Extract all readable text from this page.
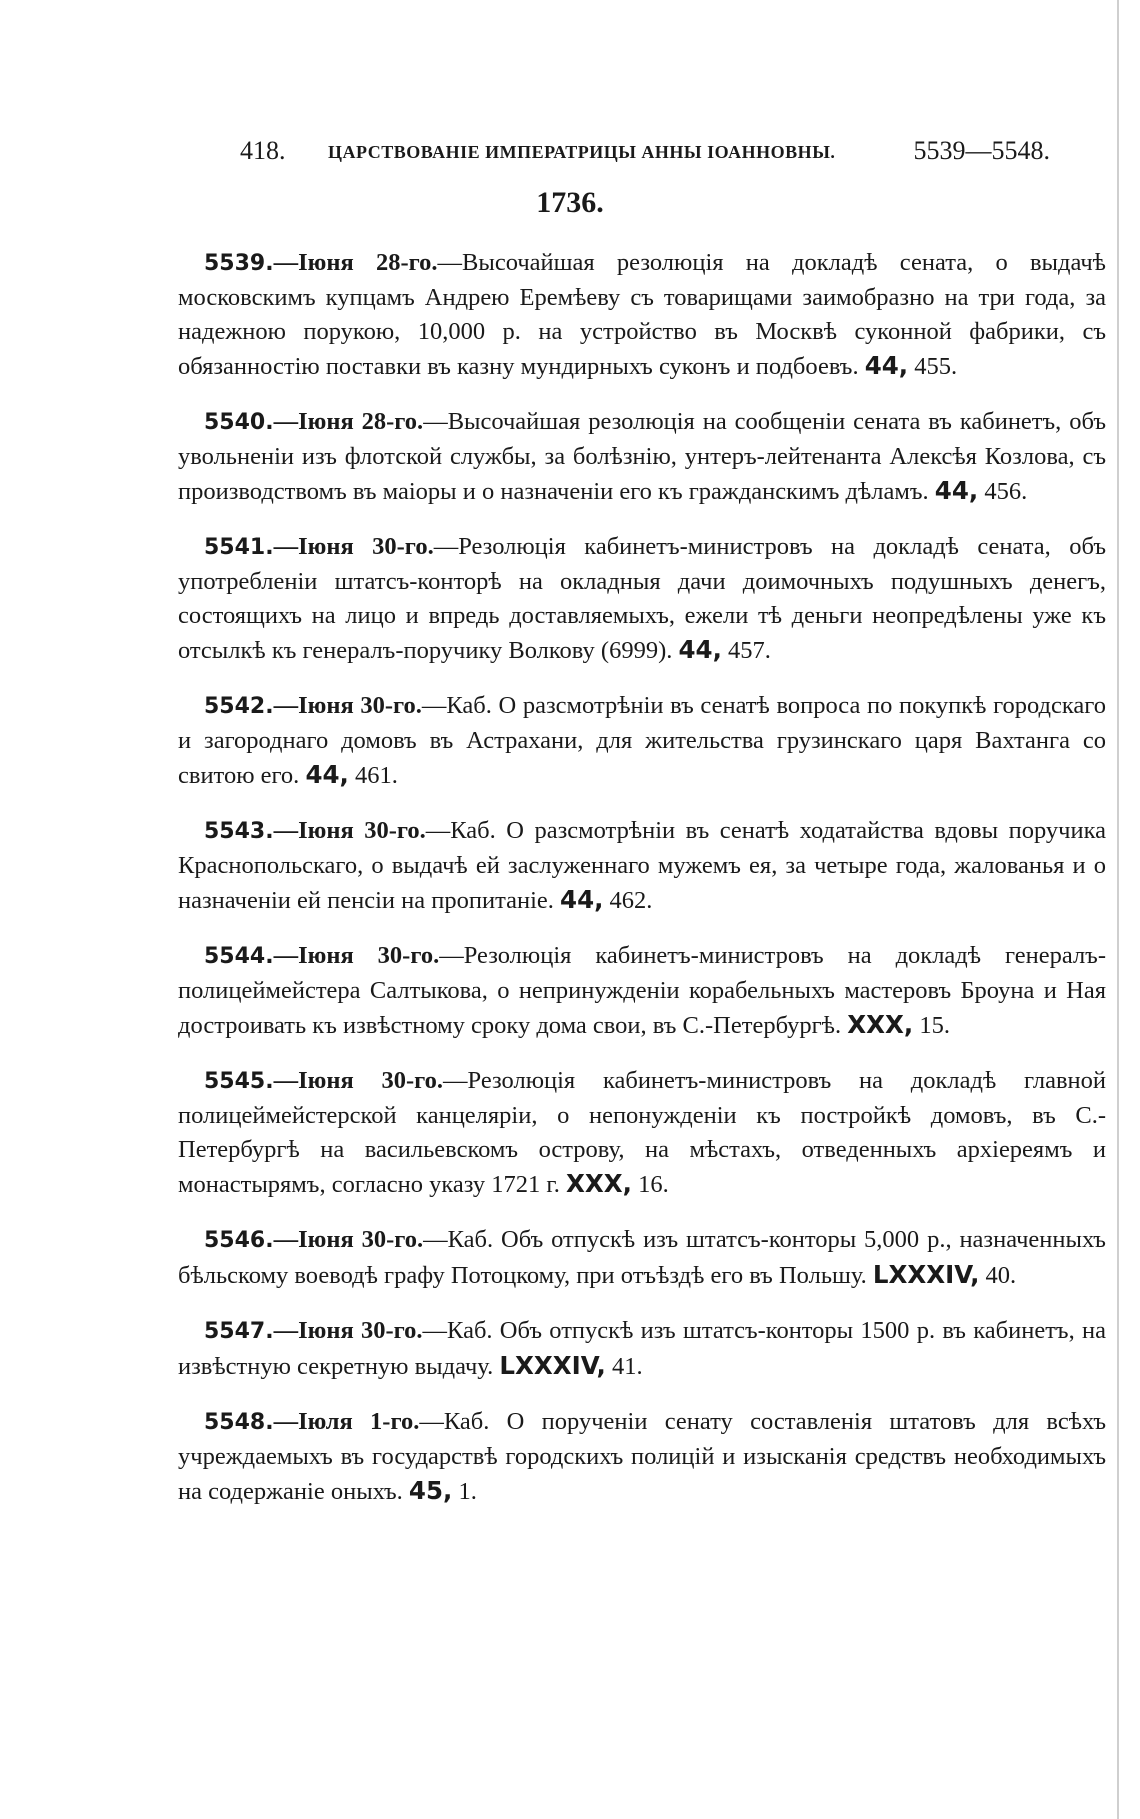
418. ЦАРСТВОВАНІЕ ИМПЕРАТРИЦЫ АННЫ ІОАННОВНЫ.	5539—5548.
1736.

5539.—Іюня 28-го.—Высочайшая резолюція на докладѣ сената, о выдачѣ московскимъ купцамъ Андрею Еремѣеву съ товарищами заимобразно на три года, за надежною порукою, 10,000 р. на устройство въ Москвѣ суконной фабрики, съ обязанностію поставки въ казну мундирныхъ суконъ и подбоевъ. 44, 455.

5540.—Іюня 28-го.—Высочайшая резолюція на сообщеніи сената въ кабинетъ, объ увольненіи изъ флотской службы, за болѣзнію, унтеръ-лейтенанта Алексѣя Козлова, съ производствомъ въ маіоры и о назначеніи его къ гражданскимъ дѣламъ. 44, 456.

5541.—Іюня 30-го.—Резолюція кабинетъ-министровъ на докладѣ сената, объ употребленіи штатсъ-конторѣ на окладныя дачи доимочныхъ подушныхъ денегъ, состоящихъ на лицо и впредь доставляемыхъ, ежели тѣ деньги неопредѣлены уже къ отсылкѣ къ генералъ-поручику Волкову (6999). 44, 457.

5542.—Іюня 30-го.—Каб. О разсмотрѣніи въ сенатѣ вопроса по покупкѣ городскаго и загороднаго домовъ въ Астрахани, для жительства грузинскаго царя Вахтанга со свитою его. 44, 461.

5543.—Іюня 30-го.—Каб. О разсмотрѣніи въ сенатѣ ходатайства вдовы поручика Краснопольскаго, о выдачѣ ей заслуженнаго мужемъ ея, за четыре года, жалованья и о назначеніи ей пенсіи на пропитаніе. 44, 462.

5544.—Іюня 30-го.—Резолюція кабинетъ-министровъ на докладѣ генералъ-полицеймейстера Салтыкова, о непринужденіи корабельныхъ мастеровъ Броуна и Ная достроивать къ извѣстному сроку дома свои, въ С.-Петербургѣ. XXX, 15.

5545.—Іюня 30-го.—Резолюція кабинетъ-министровъ на докладѣ главной полицеймейстерской канцеляріи, о непонужденіи къ постройкѣ домовъ, въ С.-Петербургѣ на васильевскомъ острову, на мѣстахъ, отведенныхъ архіереямъ и монастырямъ, согласно указу 1721 г. XXX, 16.

5546.—Іюня 30-го.—Каб. Объ отпускѣ изъ штатсъ-конторы 5,000 р., назначенныхъ бѣльскому воеводѣ графу Потоцкому, при отъѣздѣ его въ Польшу. LXXXIV, 40.

5547.—Іюня 30-го.—Каб. Объ отпускѣ изъ штатсъ-конторы 1500 р. въ кабинетъ, на извѣстную секретную выдачу. LXXXIV, 41.

5548.—Іюля 1-го.—Каб. О порученіи сенату составленія штатовъ для всѣхъ учреждаемыхъ въ государствѣ городскихъ полицій и изысканія средствъ необходимыхъ на содержаніе оныхъ. 45, 1.
